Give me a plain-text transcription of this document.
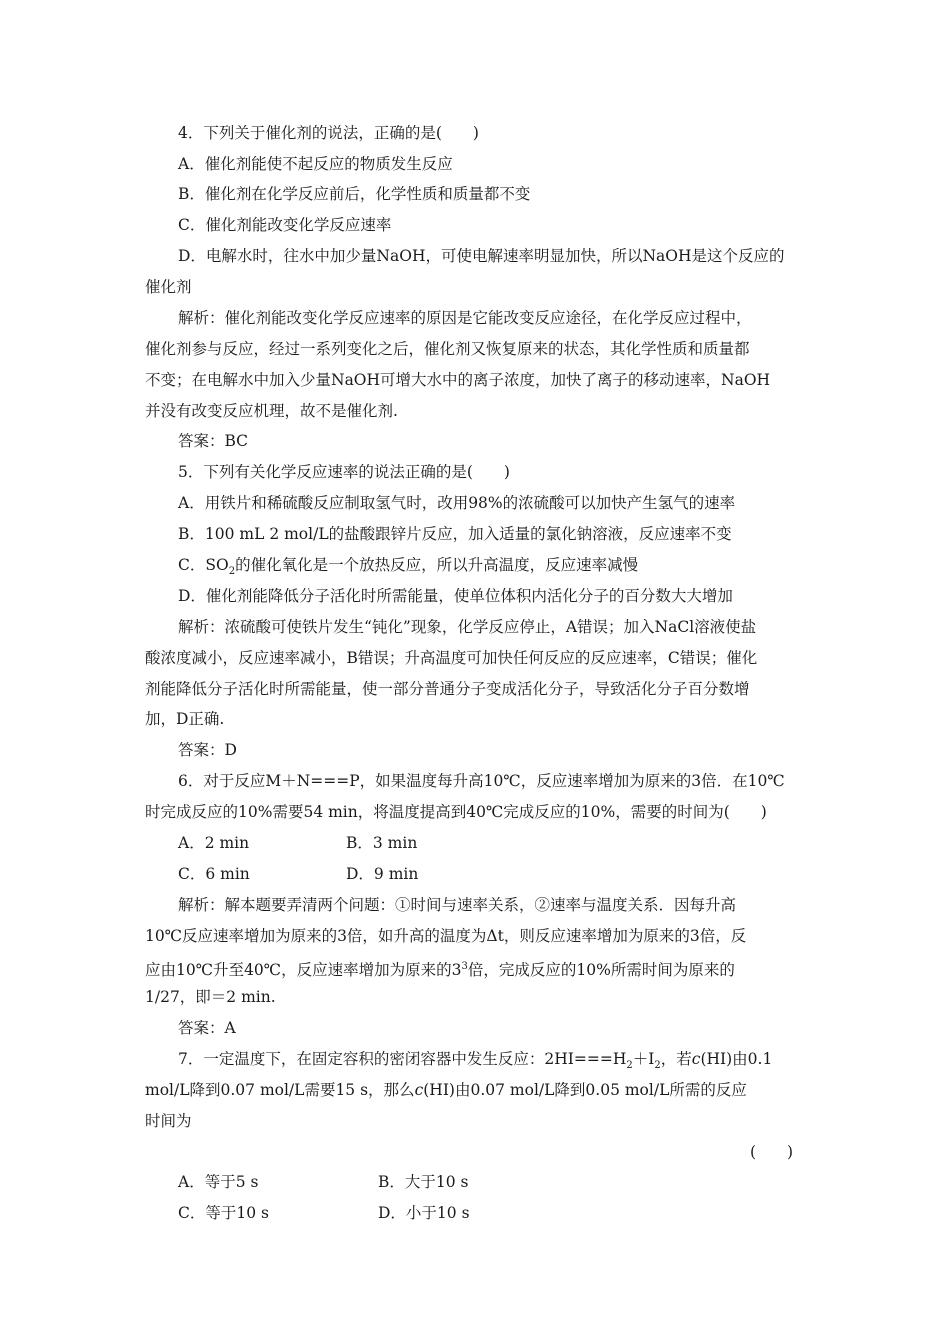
4．下列关于催化剂的说法，正确的是(　　)
A．催化剂能使不起反应的物质发生反应
B．催化剂在化学反应前后，化学性质和质量都不变
C．催化剂能改变化学反应速率
D．电解水时，往水中加少量NaOH，可使电解速率明显加快，所以NaOH是这个反应的
催化剂
解析：催化剂能改变化学反应速率的原因是它能改变反应途径，在化学反应过程中，
催化剂参与反应，经过一系列变化之后，催化剂又恢复原来的状态，其化学性质和质量都
不变；在电解水中加入少量NaOH可增大水中的离子浓度，加快了离子的移动速率，NaOH
并没有改变反应机理，故不是催化剂.
答案：BC
5．下列有关化学反应速率的说法正确的是(　　)
A．用铁片和稀硫酸反应制取氢气时，改用98%的浓硫酸可以加快产生氢气的速率
B．100 mL 2 mol/L的盐酸跟锌片反应，加入适量的氯化钠溶液，反应速率不变
C．$SO_2$的催化氧化是一个放热反应，所以升高温度，反应速率减慢
D．催化剂能降低分子活化时所需能量，使单位体积内活化分子的百分数大大增加
解析：浓硫酸可使铁片发生“钝化”现象，化学反应停止，A错误；加入NaCl溶液使盐
酸浓度减小，反应速率减小，B错误；升高温度可加快任何反应的反应速率，C错误；催化
剂能降低分子活化时所需能量，使一部分普通分子变成活化分子，导致活化分子百分数增
加，D正确.
答案：D
6．对于反应M＋N===P，如果温度每升高10℃，反应速率增加为原来的3倍．在10℃
时完成反应的10%需要54 min，将温度提高到40℃完成反应的10%，需要的时间为(　　)
A．2 min	B．3 min
C．6 min	D．9 min
解析：解本题要弄清两个问题：①时间与速率关系，②速率与温度关系．因每升高
10℃反应速率增加为原来的3倍，如升高的温度为Δt，则反应速率增加为原来的3倍，反
应由10℃升至40℃，反应速率增加为原来的$3^3$倍，完成反应的10%所需时间为原来的
1/27，即＝2 min.
答案：A
7．一定温度下，在固定容积的密闭容器中发生反应：$2HI===H_2+I_2$，若c(HI)由0.1
mol/L降到0.07 mol/L需要15 s，那么c(HI)由0.07 mol/L降到0.05 mol/L所需的反应
时间为
(　　)
A．等于5 s	B．大于10 s
C．等于10 s	D．小于10 s
